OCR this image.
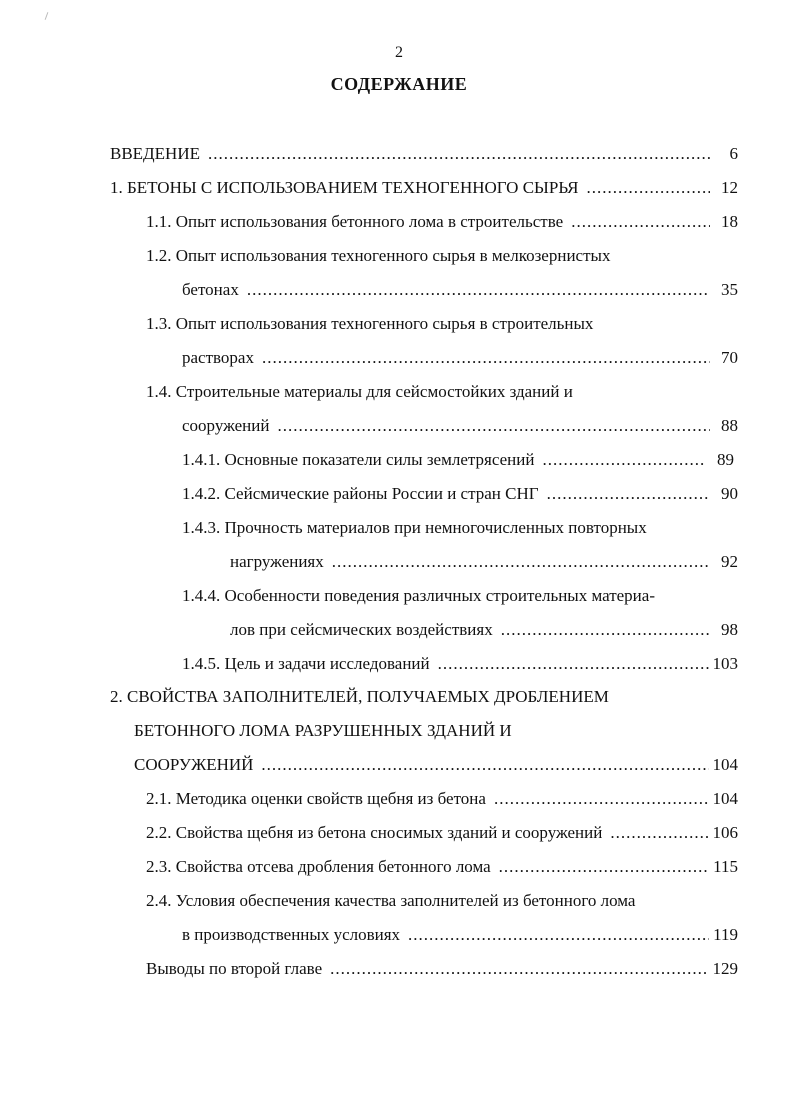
2
СОДЕРЖАНИЕ
ВВЕДЕНИЕ .....	6
1. БЕТОНЫ С ИСПОЛЬЗОВАНИЕМ ТЕХНОГЕННОГО СЫРЬЯ .....	12
1.1. Опыт использования бетонного лома в строительстве .....	18
1.2. Опыт использования техногенного сырья в мелкозернистых
бетонах .....	35
1.3. Опыт использования техногенного сырья в строительных
растворах .....	70
1.4. Строительные материалы для сейсмостойких зданий и
сооружений .....	88
1.4.1. Основные показатели силы землетрясений .....	89
1.4.2. Сейсмические районы России и стран СНГ .....	90
1.4.3. Прочность материалов при немногочисленных повторных
нагружениях .....	92
1.4.4. Особенности поведения различных строительных материа-
лов при сейсмических воздействиях .....	98
1.4.5. Цель и задачи исследований .....	103
2. СВОЙСТВА ЗАПОЛНИТЕЛЕЙ, ПОЛУЧАЕМЫХ ДРОБЛЕНИЕМ
БЕТОННОГО ЛОМА РАЗРУШЕННЫХ ЗДАНИЙ И
СООРУЖЕНИЙ .....	104
2.1. Методика оценки свойств щебня из бетона .....	104
2.2. Свойства щебня из бетона сносимых зданий и сооружений .....	106
2.3. Свойства отсева дробления бетонного лома .....	115
2.4. Условия обеспечения качества заполнителей из бетонного лома
в производственных условиях .....	119
Выводы по второй главе .....	129
